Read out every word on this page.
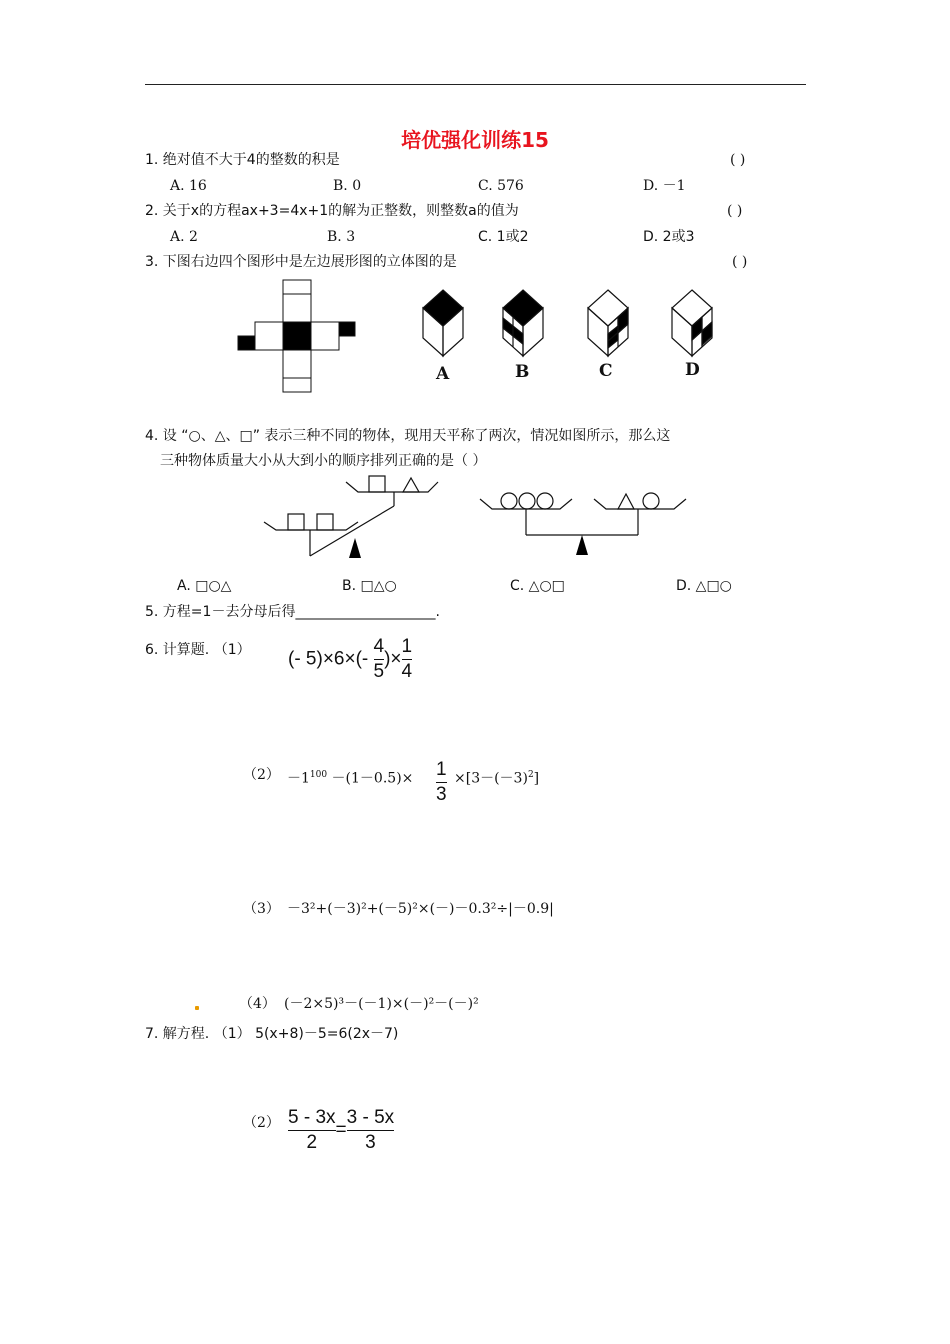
培优强化训练15
1. 绝对值不大于4的整数的积是	( )
A. 16	B. 0	C. 576	D. －1
2. 关于x的方程ax+3=4x+1的解为正整数，则整数a的值为	( )
A. 2	B. 3	C. 1或2	D. 2或3
3. 下图右边四个图形中是左边展形图的立体图的是	( )
A	B	C	D
4. 设 “○、△、□” 表示三种不同的物体，现用天平称了两次，情况如图所示，那么这
三种物体质量大小从大到小的顺序排列正确的是（ ）
A. □○△	B. □△○	C. △○□	D. △□○
5. 方程=1－去分母后得____________________.
6. 计算题. （1） (- $5)\times 6\times(- \frac{4}{5}$ )× $\frac{1}{4}$
$(2) -1^{100} -(1-0.5)\times \frac{1}{3} \times[3-(-3)^2]$
（3） －3²+(－3)²+(－5)²×(－)－0.3²÷|－0.9|
（4） (－2×5)³－(－1)×(－)²－(－)²
7. 解方程. （1） 5(x+8)－5=6(2x－7)
$(2) \frac{5 - 3x}{2} = \frac{3 - 5x}{3}$
